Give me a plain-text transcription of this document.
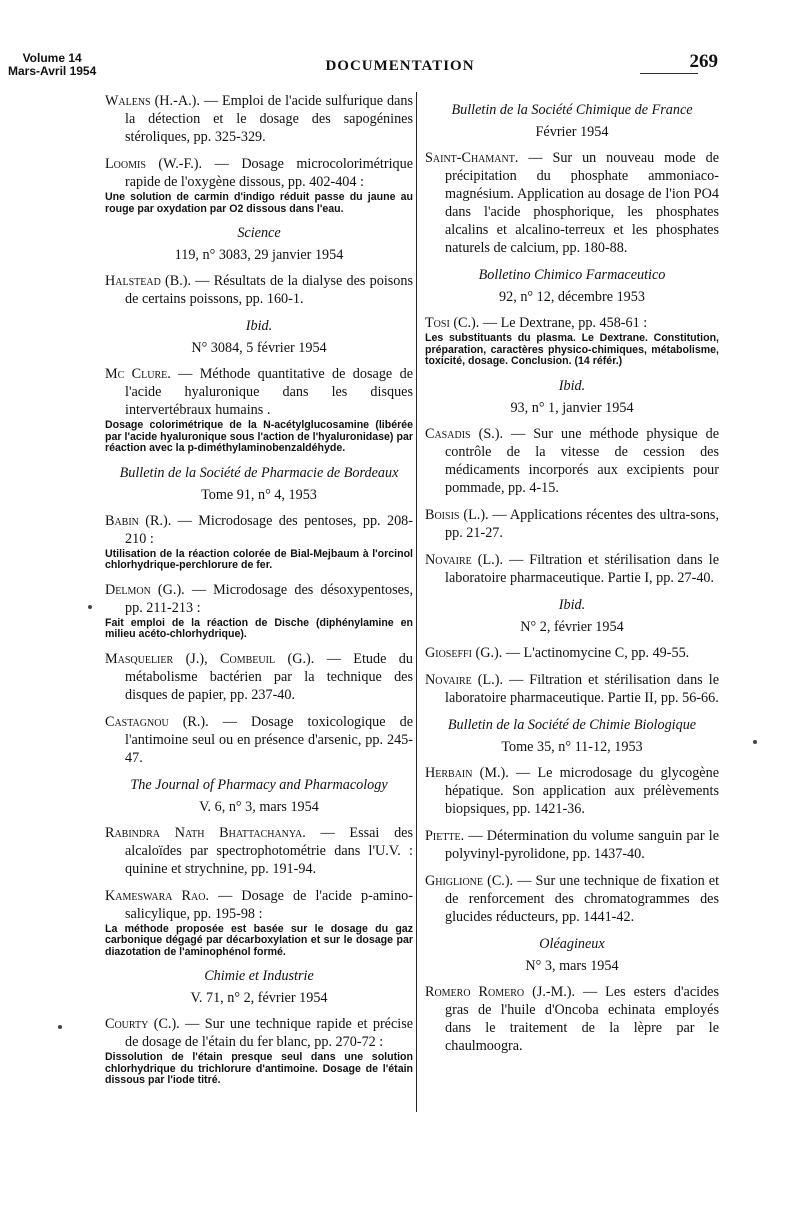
Volume 14
Mars-Avril 1954	DOCUMENTATION	269
Walens (H.-A.). — Emploi de l'acide sulfurique dans la détection et le dosage des sapogénines stéroliques, pp. 325-329.
Loomis (W.-F.). — Dosage microcolorimétrique rapide de l'oxygène dissous, pp. 402-404 :
Une solution de carmin d'indigo réduit passe du jaune au rouge par oxydation par O2 dissous dans l'eau.
Science
119, n° 3083, 29 janvier 1954
Halstead (B.). — Résultats de la dialyse des poisons de certains poissons, pp. 160-1.
Ibid.
N° 3084, 5 février 1954
Mc Clure. — Méthode quantitative de dosage de l'acide hyaluronique dans les disques intervertébraux humains .
Dosage colorimétrique de la N-acétylglucosamine (libérée par l'acide hyaluronique sous l'action de l'hyaluronidase) par réaction avec la p-diméthylaminobenzaldéhyde.
Bulletin de la Société de Pharmacie de Bordeaux
Tome 91, n° 4, 1953
Babin (R.). — Microdosage des pentoses, pp. 208-210 :
Utilisation de la réaction colorée de Bial-Mejbaum à l'orcinol chlorhydrique-perchlorure de fer.
Delmon (G.). — Microdosage des désoxypentoses, pp. 211-213 :
Fait emploi de la réaction de Dische (diphénylamine en milieu acéto-chlorhydrique).
Masquelier (J.), Combeuil (G.). — Etude du métabolisme bactérien par la technique des disques de papier, pp. 237-40.
Castagnou (R.). — Dosage toxicologique de l'antimoine seul ou en présence d'arsenic, pp. 245-47.
The Journal of Pharmacy and Pharmacology
V. 6, n° 3, mars 1954
Rabindra Nath Bhattachanya. — Essai des alcaloïdes par spectrophotométrie dans l'U.V. : quinine et strychnine, pp. 191-94.
Kameswara Rao. — Dosage de l'acide p-amino-salicylique, pp. 195-98 :
La méthode proposée est basée sur le dosage du gaz carbonique dégagé par décarboxylation et sur le dosage par diazotation de l'aminophénol formé.
Chimie et Industrie
V. 71, n° 2, février 1954
Courty (C.). — Sur une technique rapide et précise de dosage de l'étain du fer blanc, pp. 270-72 :
Dissolution de l'étain presque seul dans une solution chlorhydrique du trichlorure d'antimoine. Dosage de l'étain dissous par l'iode titré.
Bulletin de la Société Chimique de France
Février 1954
Saint-Chamant. — Sur un nouveau mode de précipitation du phosphate ammoniaco-magnésium. Application au dosage de l'ion PO4 dans l'acide phosphorique, les phosphates alcalins et alcalino-terreux et les phosphates naturels de calcium, pp. 180-88.
Bolletino Chimico Farmaceutico
92, n° 12, décembre 1953
Tosi (C.). — Le Dextrane, pp. 458-61 :
Les substituants du plasma. Le Dextrane. Constitution, préparation, caractères physico-chimiques, métabolisme, toxicité, dosage. Conclusion. (14 référ.)
Ibid.
93, n° 1, janvier 1954
Casadis (S.). — Sur une méthode physique de contrôle de la vitesse de cession des médicaments incorporés aux excipients pour pommade, pp. 4-15.
Boisis (L.). — Applications récentes des ultra-sons, pp. 21-27.
Novaire (L.). — Filtration et stérilisation dans le laboratoire pharmaceutique. Partie I, pp. 27-40.
Ibid.
N° 2, février 1954
Gioseffi (G.). — L'actinomycine C, pp. 49-55.
Novaire (L.). — Filtration et stérilisation dans le laboratoire pharmaceutique. Partie II, pp. 56-66.
Bulletin de la Société de Chimie Biologique
Tome 35, n° 11-12, 1953
Herbain (M.). — Le microdosage du glycogène hépatique. Son application aux prélèvements biopsiques, pp. 1421-36.
Piette. — Détermination du volume sanguin par le polyvinyl-pyrolidone, pp. 1437-40.
Ghiglione (C.). — Sur une technique de fixation et de renforcement des chromatogrammes des glucides réducteurs, pp. 1441-42.
Oléagineux
N° 3, mars 1954
Romero Romero (J.-M.). — Les esters d'acides gras de l'huile d'Oncoba echinata employés dans le traitement de la lèpre par le chaulmoogra.
